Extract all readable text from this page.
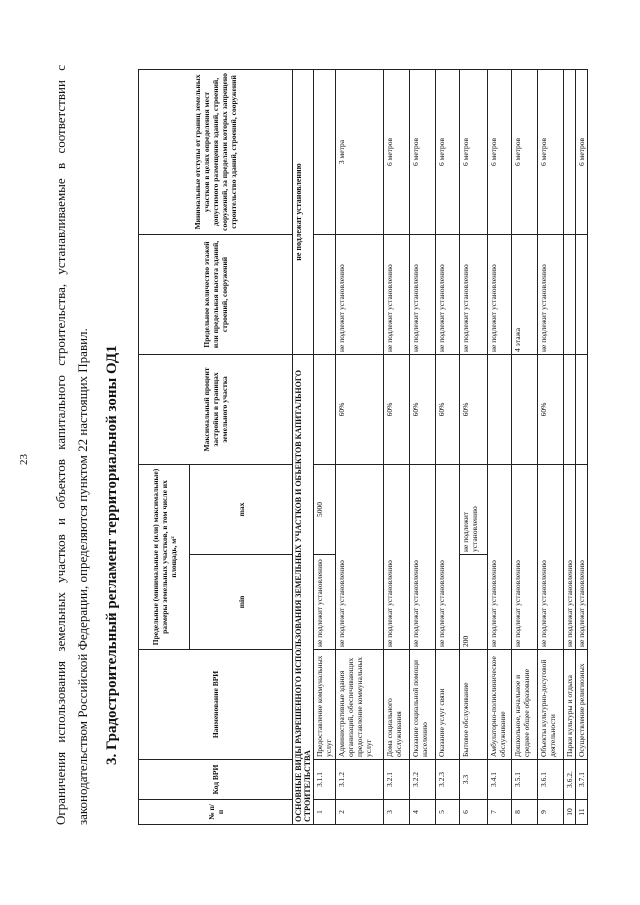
23 Ограничения использования земельных участков и объектов капитального строительства, устанавливаемые в соответствии с законодательством Российской Федерации, определяются пунктом 22 настоящих Правил. 3. Градостроительный регламент территориальной зоны ОД1
№ п/п	Код ВРИ	Наименование ВРИ	Предельные (минимальные и (или) максимальные) размеры земельных участков, в том числе их площадь, м²		Максимальный процент застройки в границах земельного участка	Предельное количество этажей или предельная высота зданий, строений, сооружений	Минимальные отступы от границ земельных участков в целях определения мест допустимого размещения зданий, строений, сооружений, за пределами которых запрещено строительство зданий, строений, сооружений
			min	max			
ОСНОВНЫЕ ВИДЫ РАЗРЕШЕННОГО ИСПОЛЬЗОВАНИЯ ЗЕМЕЛЬНЫХ УЧАСТКОВ И ОБЪЕКТОВ КАПИТАЛЬНОГО СТРОИТЕЛЬСТВА						не подлежат установлению	
1	3.1.1	Предоставление коммунальных услуг	не подлежит установлению	5000			
2	3.1.2	Административные здания организаций, обеспечивающих предоставление коммунальных услуг	не подлежат установлению		60%	не подлежит установлению	3 метра
3	3.2.1	Дома социального обслуживания	не подлежат установлению		60%	не подлежит установлению	6 метров
4	3.2.2	Оказание социальной помощи населению	не подлежат установлению		60%	не подлежит установлению	6 метров
5	3.2.3	Оказание услуг связи	не подлежат установлению		60%	не подлежит установлению	6 метров
6	3.3	Бытовое обслуживание	200	не подлежит установлению	60%	не подлежит установлению	6 метров
7	3.4.1	Амбулаторно-поликлиническое обслуживание	не подлежат установлению			не подлежит установлению	6 метров
8	3.5.1	Дошкольное, начальное и среднее общее образование	не подлежат установлению			4 этажа	6 метров
9	3.6.1	Объекты культурно-досуговой деятельности	не подлежат установлению		60%	не подлежит установлению	6 метров
10	3.6.2.	Парки культуры и отдыха	не подлежат установлению				
11	3.7.1	Осуществление религиозных	не подлежат установлению				6 метров
